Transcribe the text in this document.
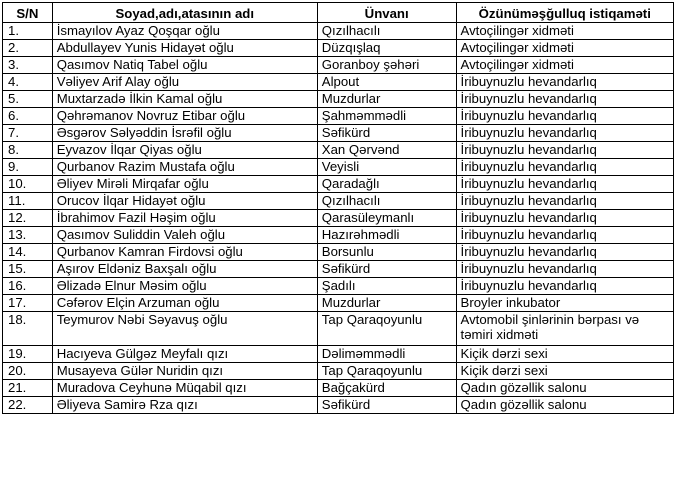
S/N	Soyad,adı,atasının adı	Ünvanı	Özünüməşğulluq istiqaməti
1.	İsmayılov Ayaz Qoşqar oğlu	Qızılhacılı	Avtoçilingər xidməti
2.	Abdullayev Yunis Hidayət oğlu	Düzqışlaq	Avtoçilingər xidməti
3.	Qasımov Natiq Tabel oğlu	Goranboy şəhəri	Avtoçilingər xidməti
4.	Vəliyev Arif Alay oğlu	Alpout	İribuynuzlu hevandarlıq
5.	Muxtarzadə İlkin Kamal oğlu	Muzdurlar	İribuynuzlu hevandarlıq
6.	Qəhrəmanov Novruz Etibar oğlu	Şahməmmədli	İribuynuzlu hevandarlıq
7.	Əsgərov Səlyəddin İsrəfil oğlu	Səfikürd	İribuynuzlu hevandarlıq
8.	Eyvazov İlqar Qiyas oğlu	Xan Qərvənd	İribuynuzlu hevandarlıq
9.	Qurbanov Razim Mustafa oğlu	Veyisli	İribuynuzlu hevandarlıq
10.	Əliyev Mirəli Mirqafar oğlu	Qaradağlı	İribuynuzlu hevandarlıq
11.	Orucov İlqar Hidayət oğlu	Qızılhacılı	İribuynuzlu hevandarlıq
12.	İbrahimov Fazil Həşim oğlu	Qarasüleymanlı	İribuynuzlu hevandarlıq
13.	Qasımov Suliddin Valeh oğlu	Hazırəhmədli	İribuynuzlu hevandarlıq
14.	Qurbanov Kamran Firdovsi oğlu	Borsunlu	İribuynuzlu hevandarlıq
15.	Aşırov Eldəniz Baxşalı oğlu	Səfikürd	İribuynuzlu hevandarlıq
16.	Əlizadə Elnur Məsim oğlu	Şadılı	İribuynuzlu hevandarlıq
17.	Cəfərov Elçin Arzuman oğlu	Muzdurlar	Broyler inkubator
18.	Teymurov Nəbi Səyavuş oğlu	Tap Qaraqoyunlu	Avtomobil şinlərinin bərpası və təmiri xidməti
19.	Hacıyeva Gülgəz Meyfalı qızı	Dəliməmmədli	Kiçik dərzi sexi
20.	Musayeva Gülər Nuridin qızı	Tap Qaraqoyunlu	Kiçik dərzi sexi
21.	Muradova Ceyhunə Müqabil qızı	Bağçakürd	Qadın gözəllik salonu
22.	Əliyeva Samirə Rza qızı	Səfikürd	Qadın gözəllik salonu
